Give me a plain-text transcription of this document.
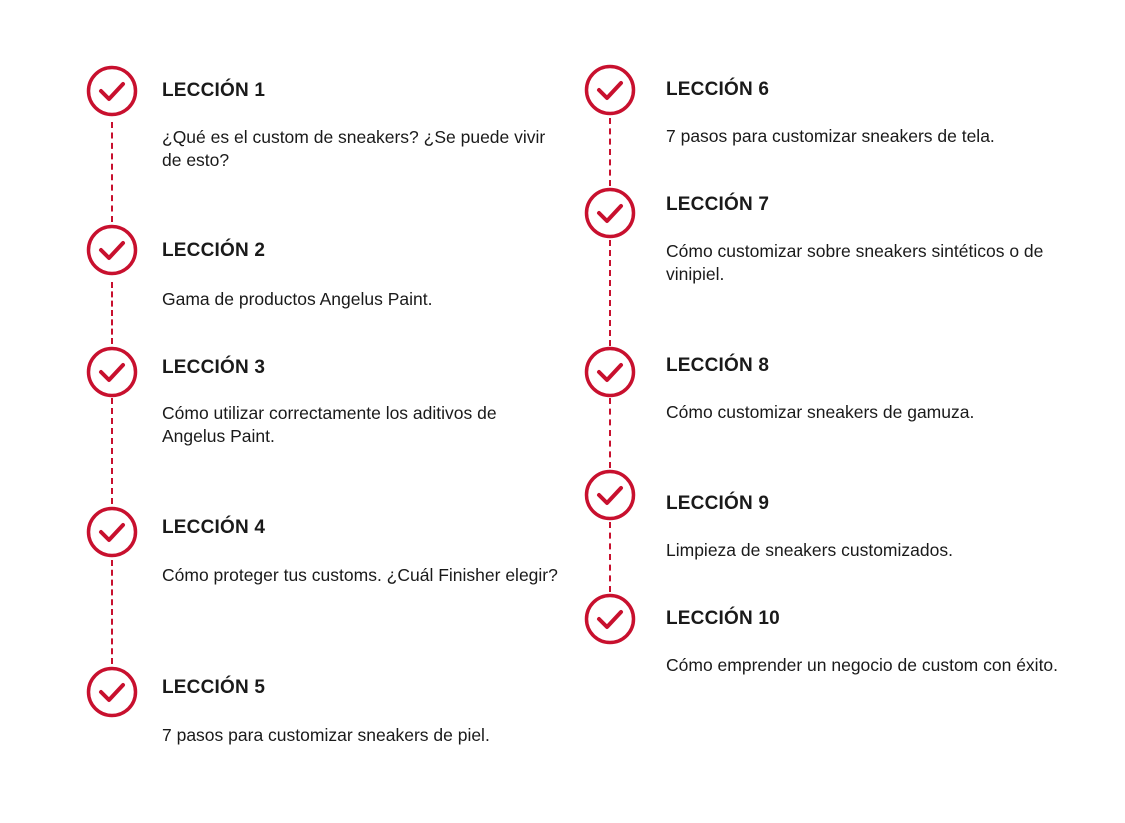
LECCIÓN 1
¿Qué es el custom de sneakers? ¿Se puede vivir de esto?
LECCIÓN 2
Gama de productos Angelus Paint.
LECCIÓN 3
Cómo utilizar correctamente los aditivos de Angelus Paint.
LECCIÓN 4
Cómo proteger tus customs. ¿Cuál Finisher elegir?
LECCIÓN 5
7 pasos para customizar sneakers de piel.
LECCIÓN 6
7 pasos para customizar sneakers de tela.
LECCIÓN 7
Cómo customizar sobre sneakers sintéticos o de vinipiel.
LECCIÓN 8
Cómo customizar sneakers de gamuza.
LECCIÓN 9
Limpieza de sneakers customizados.
LECCIÓN 10
Cómo emprender un negocio de custom con éxito.
